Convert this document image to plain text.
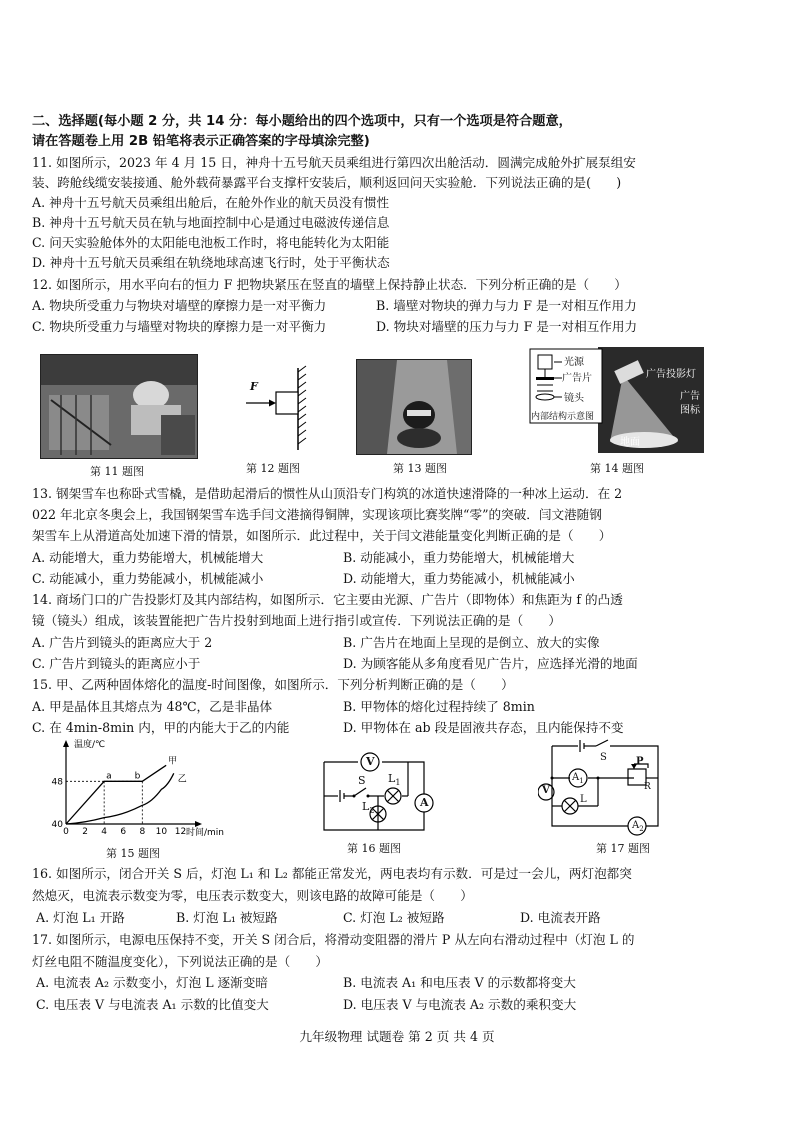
二、选择题(每小题 2 分，共 14 分：每小题给出的四个选项中，只有一个选项是符合题意，
请在答题卷上用 2B 铅笔将表示正确答案的字母填涂完整)
11. 如图所示，2023 年 4 月 15 日，神舟十五号航天员乘组进行第四次出舱活动．圆满完成舱外扩展泵组安
装、跨舱线缆安装接通、舱外载荷暴露平台支撑杆安装后，顺利返回问天实验舱．下列说法正确的是(　　)
A. 神舟十五号航天员乘组出舱后，在舱外作业的航天员没有惯性
B. 神舟十五号航天员在轨与地面控制中心是通过电磁波传递信息
C. 问天实验舱体外的太阳能电池板工作时，将电能转化为太阳能
D. 神舟十五号航天员乘组在轨绕地球高速飞行时，处于平衡状态
12. 如图所示，用水平向右的恒力 F 把物块紧压在竖直的墙壁上保持静止状态．下列分析正确的是（　　）
A. 物块所受重力与物块对墙壁的摩擦力是一对平衡力	B. 墙壁对物块的弹力与力 F 是一对相互作用力
C. 物块所受重力与墙壁对物块的摩擦力是一对平衡力	D. 物块对墙壁的压力与力 F 是一对相互作用力
第 11 题图
F
第 12 题图	第 13 题图
光源
广告片
镜头
内部结构示意图
广告投影灯
广告
图标
地面
第 14 题图
13. 钢架雪车也称卧式雪橇，是借助起滑后的惯性从山顶沿专门构筑的冰道快速滑降的一种冰上运动．在 2
022 年北京冬奥会上，我国钢架雪车选手闫文港摘得铜牌，实现该项比赛奖牌“零”的突破．闫文港随钢
架雪车上从滑道高处加速下滑的情景，如图所示．此过程中，关于闫文港能量变化判断正确的是（　　）
A. 动能增大，重力势能增大，机械能增大	B. 动能减小，重力势能增大，机械能增大
C. 动能减小，重力势能减小，机械能减小	D. 动能增大，重力势能减小，机械能减小
14. 商场门口的广告投影灯及其内部结构，如图所示．它主要由光源、广告片（即物体）和焦距为 f 的凸透
镜（镜头）组成，该装置能把广告片投射到地面上进行指引或宣传．下列说法正确的是（　　）
A. 广告片到镜头的距离应大于 2	B. 广告片在地面上呈现的是倒立、放大的实像
C. 广告片到镜头的距离应小于	D. 为顾客能从多角度看见广告片，应选择光滑的地面
15. 甲、乙两种固体熔化的温度-时间图像，如图所示．下列分析判断正确的是（　　）
A. 甲是晶体且其熔点为 48℃，乙是非晶体	B. 甲物体的熔化过程持续了 8min
C. 在 4min-8min 内，甲的内能大于乙的内能	D. 甲物体在 ab 段是固液共存态，且内能保持不变
温度/℃
时间/min
0 2 4 6 8 10 12
40
48
甲
乙
a	b
第 15 题图
V
A
S $L_1$
$L_2$
第 16 题图
$A_1$
$A_2$
V
S	P
R
L
第 17 题图
16. 如图所示，闭合开关 S 后，灯泡 L₁ 和 L₂ 都能正常发光，两电表均有示数．可是过一会儿，两灯泡都突
然熄灭，电流表示数变为零，电压表示数变大，则该电路的故障可能是（　　）
A. 灯泡 L₁ 开路	B. 灯泡 L₁ 被短路	C. 灯泡 L₂ 被短路	D. 电流表开路
17. 如图所示，电源电压保持不变，开关 S 闭合后，将滑动变阻器的滑片 P 从左向右滑动过程中（灯泡 L 的
灯丝电阻不随温度变化），下列说法正确的是（　　）
A. 电流表 A₂ 示数变小，灯泡 L 逐渐变暗	B. 电流表 A₁ 和电压表 V 的示数都将变大
C. 电压表 V 与电流表 A₁ 示数的比值变大	D. 电压表 V 与电流表 A₂ 示数的乘积变大
九年级物理 试题卷 第 2 页 共 4 页
